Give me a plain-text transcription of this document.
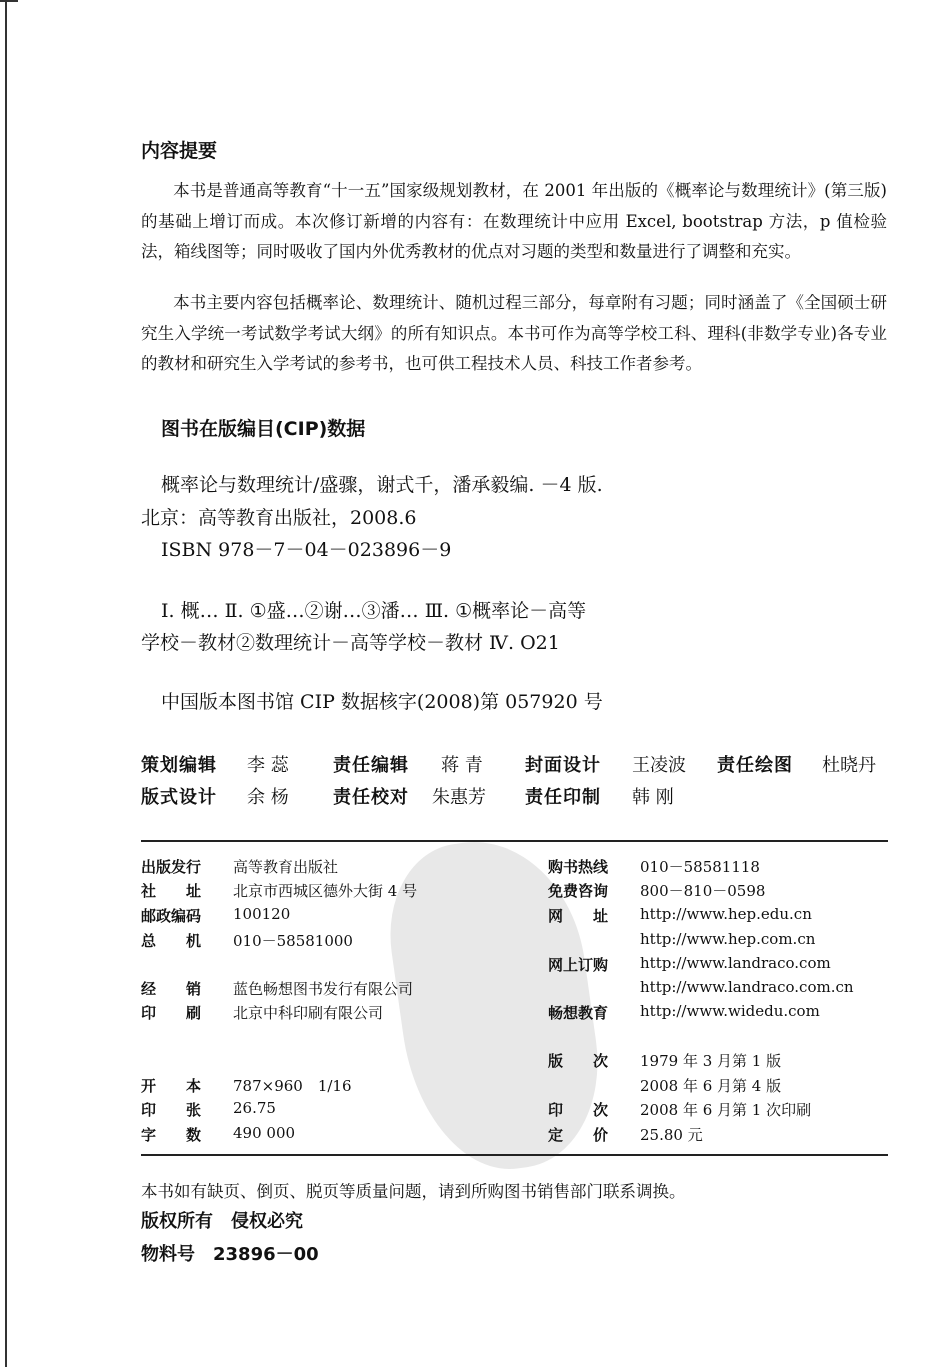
内容提要
本书是普通高等教育“十一五”国家级规划教材，在 2001 年出版的《概率论与数理统计》(第三版)的基础上增订而成。本次修订新增的内容有：在数理统计中应用 Excel, bootstrap 方法，p 值检验法，箱线图等；同时吸收了国内外优秀教材的优点对习题的类型和数量进行了调整和充实。
本书主要内容包括概率论、数理统计、随机过程三部分，每章附有习题；同时涵盖了《全国硕士研究生入学统一考试数学考试大纲》的所有知识点。本书可作为高等学校工科、理科(非数学专业)各专业的教材和研究生入学考试的参考书，也可供工程技术人员、科技工作者参考。
图书在版编目(CIP)数据
概率论与数理统计/盛骤，谢式千，潘承毅编. －4 版.
北京：高等教育出版社，2008.6
ISBN 978－7－04－023896－9
Ⅰ. 概… Ⅱ. ①盛…②谢…③潘… Ⅲ. ①概率论－高等
学校－教材②数理统计－高等学校－教材 Ⅳ. O21
中国版本图书馆 CIP 数据核字(2008)第 057920 号
策划编辑 李 蕊 责任编辑 蒋 青 封面设计 王凌波 责任绘图 杜晓丹
版式设计 余 杨 责任校对 朱惠芳 责任印制 韩 刚
出版发行 高等教育出版社
社　　址 北京市西城区德外大街 4 号
邮政编码 100120
总　　机 010－58581000
经　　销 蓝色畅想图书发行有限公司
印　　刷 北京中科印刷有限公司
开　　本 787×960　1/16
印　　张 26.75
字　　数 490 000
购书热线 010－58581118
免费咨询 800－810－0598
网　　址 http://www.hep.edu.cn
http://www.hep.com.cn
网上订购 http://www.landraco.com
http://www.landraco.com.cn
畅想教育 http://www.widedu.com
版　　次 1979 年 3 月第 1 版
2008 年 6 月第 4 版
印　　次 2008 年 6 月第 1 次印刷
定　　价 25.80 元
本书如有缺页、倒页、脱页等质量问题，请到所购图书销售部门联系调换。
版权所有　侵权必究
物料号　23896－00
